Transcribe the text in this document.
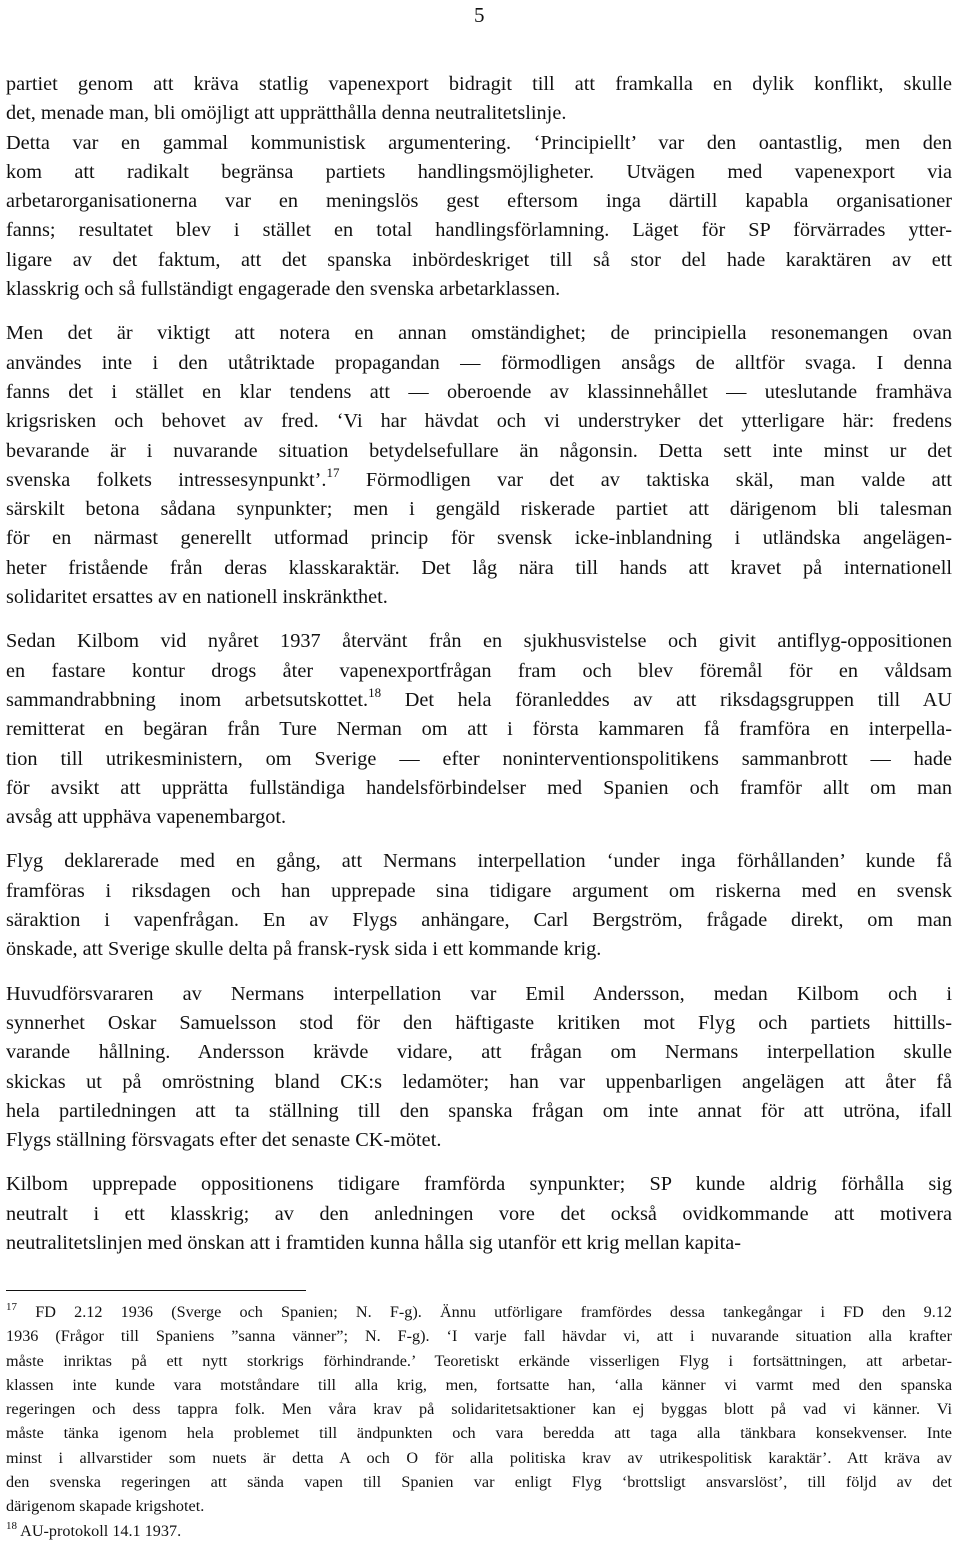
5

partiet genom att kräva statlig vapenexport bidragit till att framkalla en dylik konflikt, skulle
det, menade man, bli omöjligt att upprätthålla denna neutralitetslinje.
Detta var en gammal kommunistisk argumentering. ‘Principiellt’ var den oantastlig, men den
kom att radikalt begränsa partiets handlingsmöjligheter. Utvägen med vapenexport via
arbetarorganisationerna var en meningslös gest eftersom inga därtill kapabla organisationer
fanns; resultatet blev i stället en total handlingsförlamning. Läget för SP förvärrades ytter-
ligare av det faktum, att det spanska inbördeskriget till så stor del hade karaktären av ett
klasskrig och så fullständigt engagerade den svenska arbetarklassen.

Men det är viktigt att notera en annan omständighet; de principiella resonemangen ovan
användes inte i den utåtriktade propagandan — förmodligen ansågs de alltför svaga. I denna
fanns det i stället en klar tendens att — oberoende av klassinnehållet — uteslutande framhäva
krigsrisken och behovet av fred. ‘Vi har hävdat och vi understryker det ytterligare här: fredens
bevarande är i nuvarande situation betydelsefullare än någonsin. Detta sett inte minst ur det
svenska folkets intressesynpunkt’.$^{17}$ Förmodligen var det av taktiska skäl, man valde att
särskilt betona sådana synpunkter; men i gengäld riskerade partiet att därigenom bli talesman
för en närmast generellt utformad princip för svensk icke-inblandning i utländska angelägen-
heter fristående från deras klasskaraktär. Det låg nära till hands att kravet på internationell
solidaritet ersattes av en nationell inskränkthet.

Sedan Kilbom vid nyåret 1937 återvänt från en sjukhusvistelse och givit antiflyg-oppositionen
en fastare kontur drogs åter vapenexportfrågan fram och blev föremål för en våldsam
sammandrabbning inom arbetsutskottet.$^{18}$ Det hela föranleddes av att riksdagsgruppen till AU
remitterat en begäran från Ture Nerman om att i första kammaren få framföra en interpella-
tion till utrikesministern, om Sverige — efter noninterventionspolitikens sammanbrott — hade
för avsikt att upprätta fullständiga handelsförbindelser med Spanien och framför allt om man
avsåg att upphäva vapenembargot.

Flyg deklarerade med en gång, att Nermans interpellation ‘under inga förhållanden’ kunde få
framföras i riksdagen och han upprepade sina tidigare argument om riskerna med en svensk
säraktion i vapenfrågan. En av Flygs anhängare, Carl Bergström, frågade direkt, om man
önskade, att Sverige skulle delta på fransk-rysk sida i ett kommande krig.

Huvudförsvararen av Nermans interpellation var Emil Andersson, medan Kilbom och i
synnerhet Oskar Samuelsson stod för den häftigaste kritiken mot Flyg och partiets hittills-
varande hållning. Andersson krävde vidare, att frågan om Nermans interpellation skulle
skickas ut på omröstning bland CK:s ledamöter; han var uppenbarligen angelägen att åter få
hela partiledningen att ta ställning till den spanska frågan om inte annat för att utröna, ifall
Flygs ställning försvagats efter det senaste CK-mötet.

Kilbom upprepade oppositionens tidigare framförda synpunkter; SP kunde aldrig förhålla sig
neutralt i ett klasskrig; av den anledningen vore det också ovidkommande att motivera
neutralitetslinjen med önskan att i framtiden kunna hålla sig utanför ett krig mellan kapita-

$^{17}$ FD 2.12 1936 (Sverge och Spanien; N. F-g). Ännu utförligare framfördes dessa tankegångar i FD den 9.12
1936 (Frågor till Spaniens ”sanna vänner”; N. F-g). ‘I varje fall hävdar vi, att i nuvarande situation alla krafter
måste inriktas på ett nytt storkrigs förhindrande.’ Teoretiskt erkände visserligen Flyg i fortsättningen, att arbetar-
klassen inte kunde vara motståndare till alla krig, men, fortsatte han, ‘alla känner vi varmt med den spanska
regeringen och dess tappra folk. Men våra krav på solidaritetsaktioner kan ej byggas blott på vad vi känner. Vi
måste tänka igenom hela problemet till ändpunkten och vara beredda att taga alla tänkbara konsekvenser. Inte
minst i allvarstider som nuets är detta A och O för alla politiska krav av utrikespolitisk karaktär’. Att kräva av
den svenska regeringen att sända vapen till Spanien var enligt Flyg ‘brottsligt ansvarslöst’, till följd av det
därigenom skapade krigshotet.
$^{18}$ AU-protokoll 14.1 1937.
